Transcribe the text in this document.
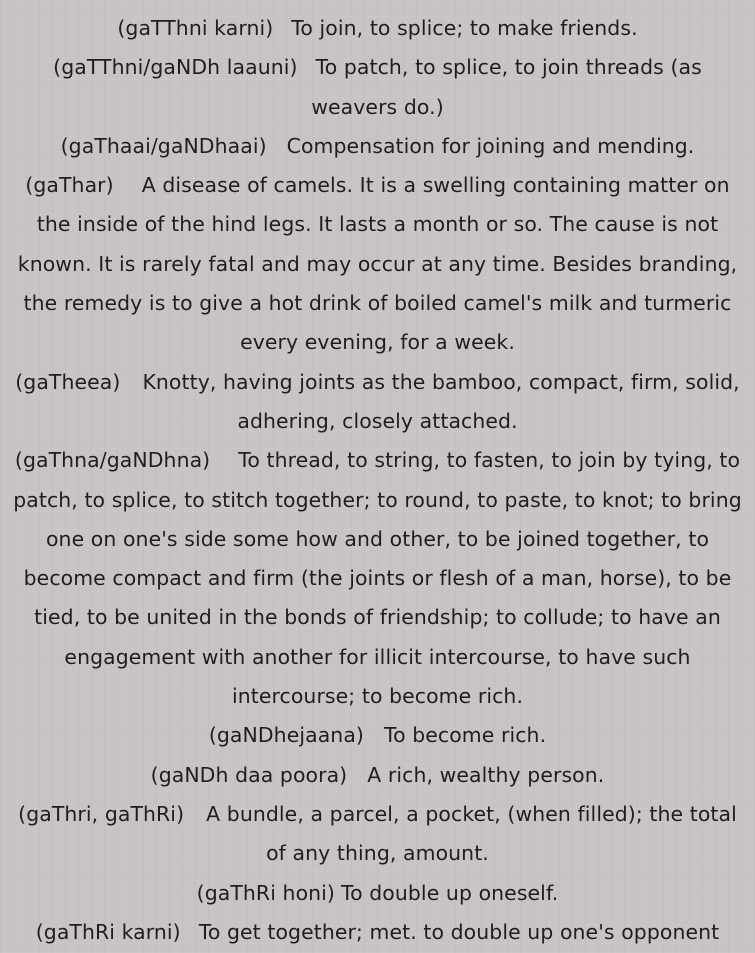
(gaTThni karni) To join, to splice; to make friends.

(gaTThni/gaNDh laauni) To patch, to splice, to join threads (as weavers do.)

(gaThaai/gaNDhaai) Compensation for joining and mending.

(gaThar) A disease of camels. It is a swelling containing matter on the inside of the hind legs. It lasts a month or so. The cause is not known. It is rarely fatal and may occur at any time. Besides branding, the remedy is to give a hot drink of boiled camel's milk and turmeric every evening, for a week.

(gaTheea) Knotty, having joints as the bamboo, compact, firm, solid, adhering, closely attached.

(gaThna/gaNDhna) To thread, to string, to fasten, to join by tying, to patch, to splice, to stitch together; to round, to paste, to knot; to bring one on one's side some how and other, to be joined together, to become compact and firm (the joints or flesh of a man, horse), to be tied, to be united in the bonds of friendship; to collude; to have an engagement with another for illicit intercourse, to have such intercourse; to become rich.

(gaNDhejaana) To become rich.

(gaNDh daa poora) A rich, wealthy person.

(gaThri, gaThRi) A bundle, a parcel, a pocket, (when filled); the total of any thing, amount.

(gaThRi honi) To double up oneself.

(gaThRi karni) To get together; met. to double up one's opponent
